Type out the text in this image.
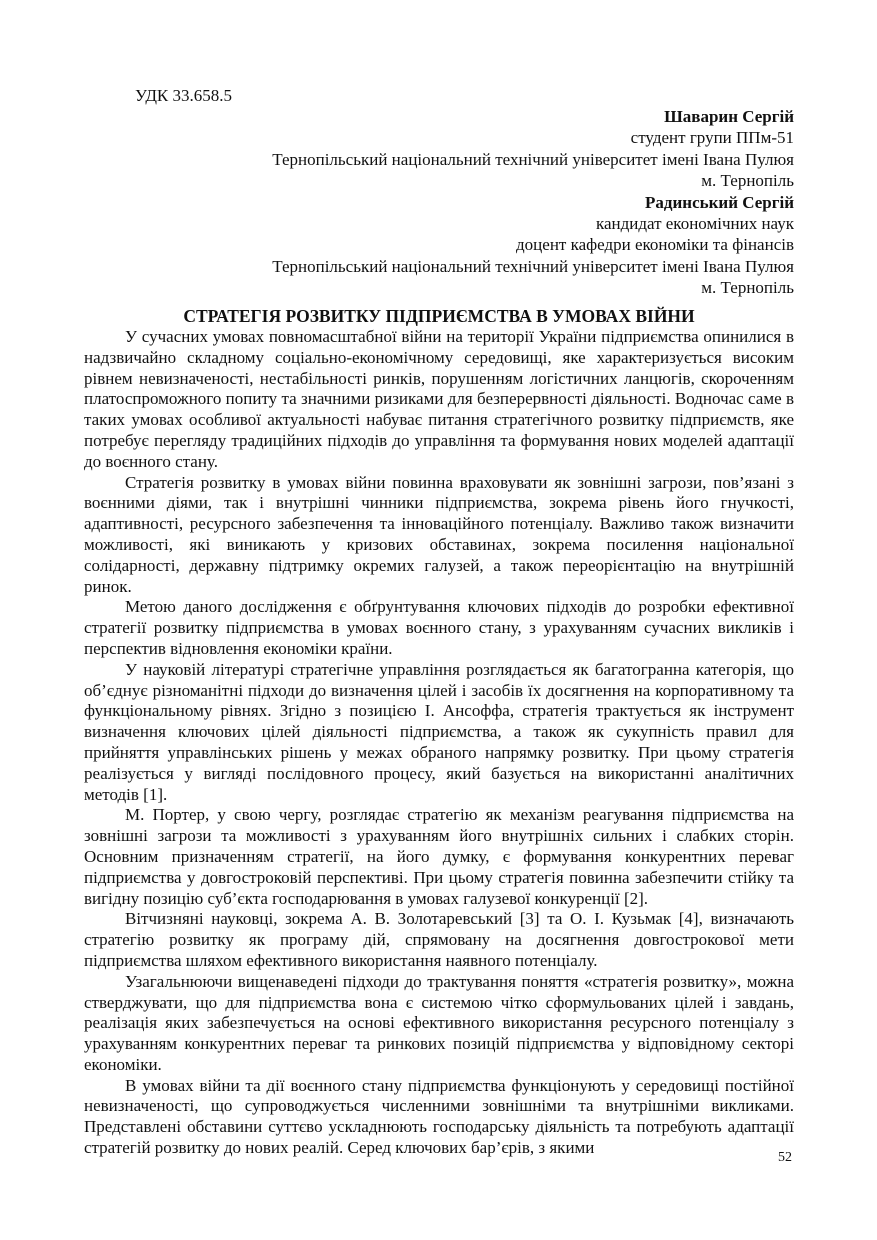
УДК 33.658.5
Шаварин Сергій
студент групи ППм-51
Тернопільський національний технічний університет імені Івана Пулюя
м. Тернопіль
Радинський Сергій
кандидат економічних наук
доцент кафедри економіки та фінансів
Тернопільський національний технічний університет імені Івана Пулюя
м. Тернопіль
СТРАТЕГІЯ РОЗВИТКУ ПІДПРИЄМСТВА В УМОВАХ ВІЙНИ

У сучасних умовах повномасштабної війни на території України підприємства опинилися в надзвичайно складному соціально-економічному середовищі, яке характеризується високим рівнем невизначеності, нестабільності ринків, порушенням логістичних ланцюгів, скороченням платоспроможного попиту та значними ризиками для безперервності діяльності. Водночас саме в таких умовах особливої актуальності набуває питання стратегічного розвитку підприємств, яке потребує перегляду традиційних підходів до управління та формування нових моделей адаптації до воєнного стану.

Стратегія розвитку в умовах війни повинна враховувати як зовнішні загрози, пов’язані з воєнними діями, так і внутрішні чинники підприємства, зокрема рівень його гнучкості, адаптивності, ресурсного забезпечення та інноваційного потенціалу. Важливо також визначити можливості, які виникають у кризових обставинах, зокрема посилення національної солідарності, державну підтримку окремих галузей, а також переорієнтацію на внутрішній ринок.

Метою даного дослідження є обґрунтування ключових підходів до розробки ефективної стратегії розвитку підприємства в умовах воєнного стану, з урахуванням сучасних викликів і перспектив відновлення економіки країни.

У науковій літературі стратегічне управління розглядається як багатогранна категорія, що об’єднує різноманітні підходи до визначення цілей і засобів їх досягнення на корпоративному та функціональному рівнях. Згідно з позицією І. Ансоффа, стратегія трактується як інструмент визначення ключових цілей діяльності підприємства, а також як сукупність правил для прийняття управлінських рішень у межах обраного напрямку розвитку. При цьому стратегія реалізується у вигляді послідовного процесу, який базується на використанні аналітичних методів [1].

М. Портер, у свою чергу, розглядає стратегію як механізм реагування підприємства на зовнішні загрози та можливості з урахуванням його внутрішніх сильних і слабких сторін. Основним призначенням стратегії, на його думку, є формування конкурентних переваг підприємства у довгостроковій перспективі. При цьому стратегія повинна забезпечити стійку та вигідну позицію суб’єкта господарювання в умовах галузевої конкуренції [2].

Вітчизняні науковці, зокрема А. В. Золотаревський [3] та О. І. Кузьмак [4], визначають стратегію розвитку як програму дій, спрямовану на досягнення довгострокової мети підприємства шляхом ефективного використання наявного потенціалу.

Узагальнюючи вищенаведені підходи до трактування поняття «стратегія розвитку», можна стверджувати, що для підприємства вона є системою чітко сформульованих цілей і завдань, реалізація яких забезпечується на основі ефективного використання ресурсного потенціалу з урахуванням конкурентних переваг та ринкових позицій підприємства у відповідному секторі економіки.

В умовах війни та дії воєнного стану підприємства функціонують у середовищі постійної невизначеності, що супроводжується численними зовнішніми та внутрішніми викликами. Представлені обставини суттєво ускладнюють господарську діяльність та потребують адаптації стратегій розвитку до нових реалій. Серед ключових бар’єрів, з якими

52
